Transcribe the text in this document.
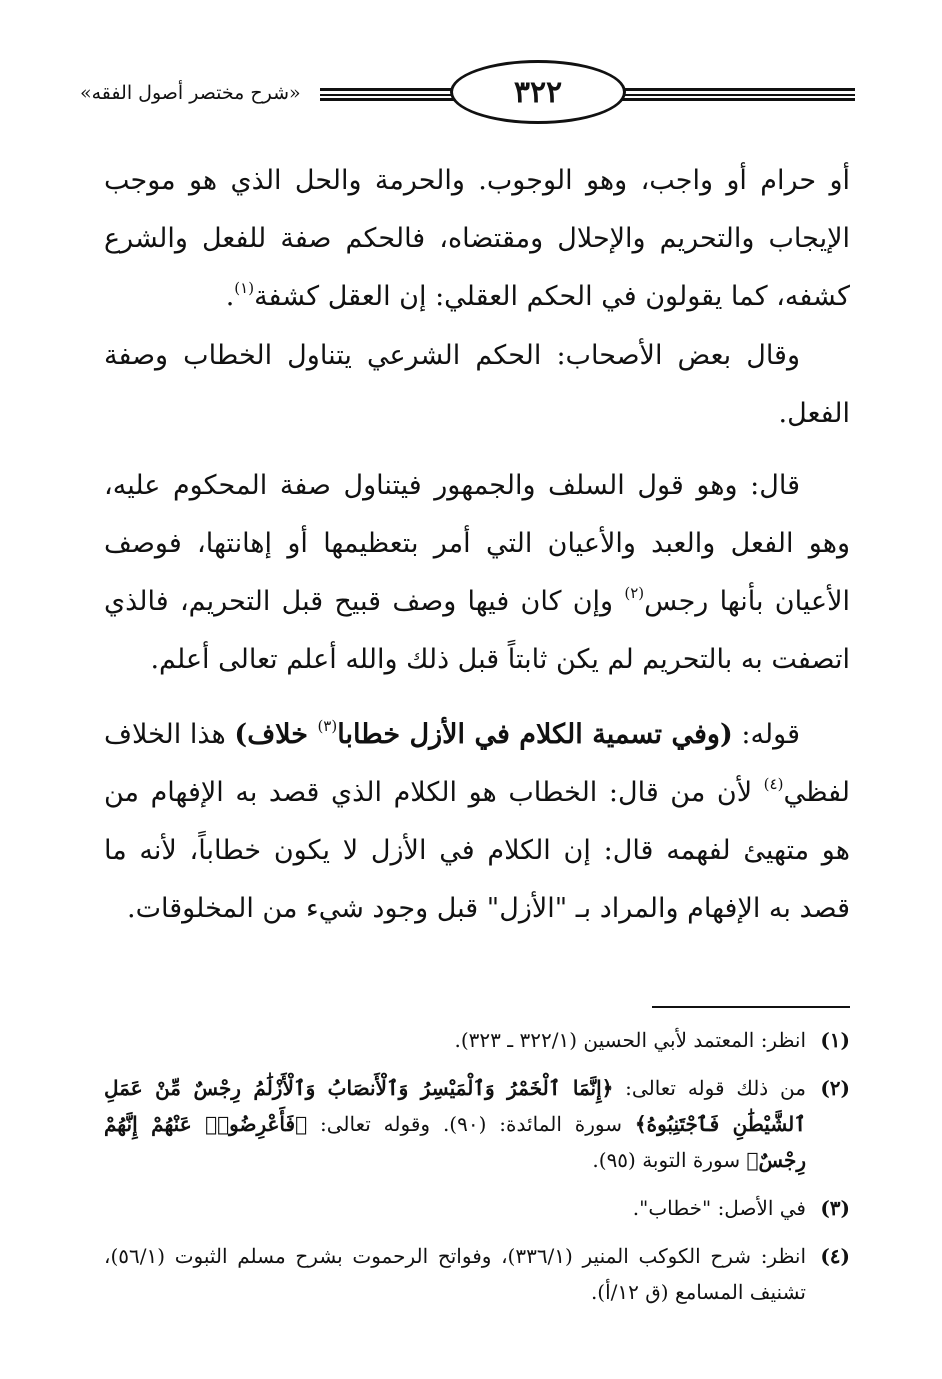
«شرح مختصر أصول الفقه»	٣٢٢
أو حرام أو واجب، وهو الوجوب. والحرمة والحل الذي هو موجب الإيجاب والتحريم والإحلال ومقتضاه، فالحكم صفة للفعل والشرع كشفه، كما يقولون في الحكم العقلي: إن العقل كشفة$^{(١)}$.
وقال بعض الأصحاب: الحكم الشرعي يتناول الخطاب وصفة الفعل.
قال: وهو قول السلف والجمهور فيتناول صفة المحكوم عليه، وهو الفعل والعبد والأعيان التي أمر بتعظيمها أو إهانتها، فوصف الأعيان بأنها رجس$^{(٢)}$ وإن كان فيها وصف قبيح قبل التحريم، فالذي اتصفت به بالتحريم لم يكن ثابتاً قبل ذلك والله أعلم تعالى أعلم.
قوله: (وفي تسمية الكلام في الأزل خطابا$^{(٣)}$ خلاف) هذا الخلاف لفظي$^{(٤)}$ لأن من قال: الخطاب هو الكلام الذي قصد به الإفهام من هو متهيئ لفهمه قال: إن الكلام في الأزل لا يكون خطاباً، لأنه ما قصد به الإفهام والمراد بـ "الأزل" قبل وجود شيء من المخلوقات.
(١)
انظر: المعتمد لأبي الحسين (٣٢٢/١ ـ ٣٢٣).
(٢)
من ذلك قوله تعالى: ﴿إِنَّمَا ٱلْخَمْرُ وَٱلْمَيْسِرُ وَٱلْأَنصَابُ وَٱلْأَزْلَٰمُ رِجْسٌ مِّنْ عَمَلِ ٱلشَّيْطَٰنِ فَٱجْتَنِبُوهُ﴾ سورة المائدة: (٩٠). وقوله تعالى: ﴿فَأَعْرِضُوا۟ عَنْهُمْ إِنَّهُمْ رِجْسٌ﴾ سورة التوبة (٩٥).
(٣)
في الأصل: "خطاب".
(٤)
انظر: شرح الكوكب المنير (٣٣٦/١)، وفواتح الرحموت بشرح مسلم الثبوت (٥٦/١)، تشنيف المسامع (ق ١٢/أ).
